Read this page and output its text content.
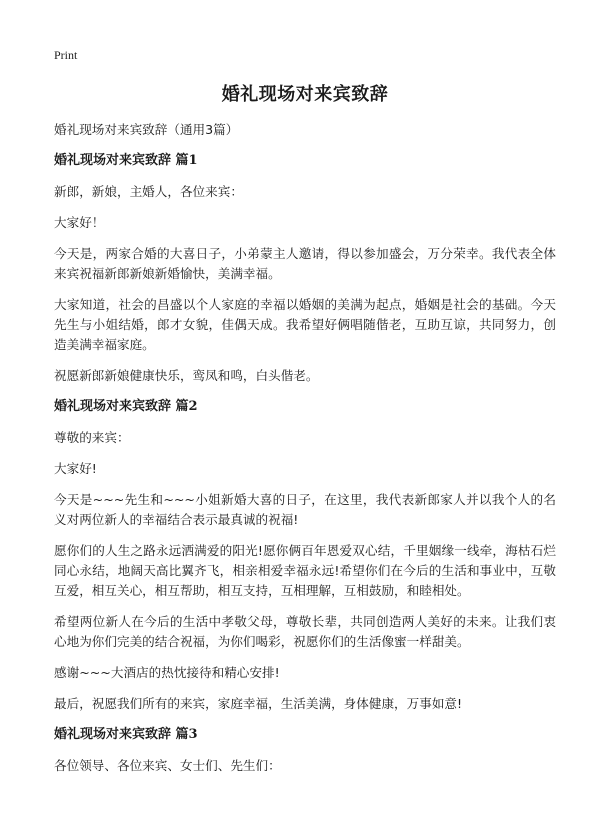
Print
婚礼现场对来宾致辞

婚礼现场对来宾致辞（通用3篇）

婚礼现场对来宾致辞 篇1

新郎，新娘，主婚人，各位来宾：

大家好！

今天是，两家合婚的大喜日子，小弟蒙主人邀请，得以参加盛会，万分荣幸。我代表全体来宾祝福新郎新娘新婚愉快，美满幸福。

大家知道，社会的昌盛以个人家庭的幸福以婚姻的美满为起点，婚姻是社会的基础。今天先生与小姐结婚，郎才女貌，佳偶天成。我希望好俩唱随偕老，互助互谅，共同努力，创造美满幸福家庭。

祝愿新郎新娘健康快乐，鸾凤和鸣，白头偕老。

婚礼现场对来宾致辞 篇2

尊敬的来宾：

大家好!

今天是~~~先生和~~~小姐新婚大喜的日子，在这里，我代表新郎家人并以我个人的名义对两位新人的幸福结合表示最真诚的祝福!

愿你们的人生之路永远洒满爱的阳光!愿你俩百年恩爱双心结，千里姻缘一线牵，海枯石烂同心永结，地阔天高比翼齐飞，相亲相爱幸福永远!希望你们在今后的生活和事业中，互敬互爱，相互关心，相互帮助，相互支持，互相理解，互相鼓励，和睦相处。

希望两位新人在今后的生活中孝敬父母，尊敬长辈，共同创造两人美好的未来。让我们衷心地为你们完美的结合祝福，为你们喝彩，祝愿你们的生活像蜜一样甜美。

感谢~~~大酒店的热忱接待和精心安排!

最后，祝愿我们所有的来宾，家庭幸福，生活美满，身体健康，万事如意!

婚礼现场对来宾致辞 篇3

各位领导、各位来宾、女士们、先生们：
